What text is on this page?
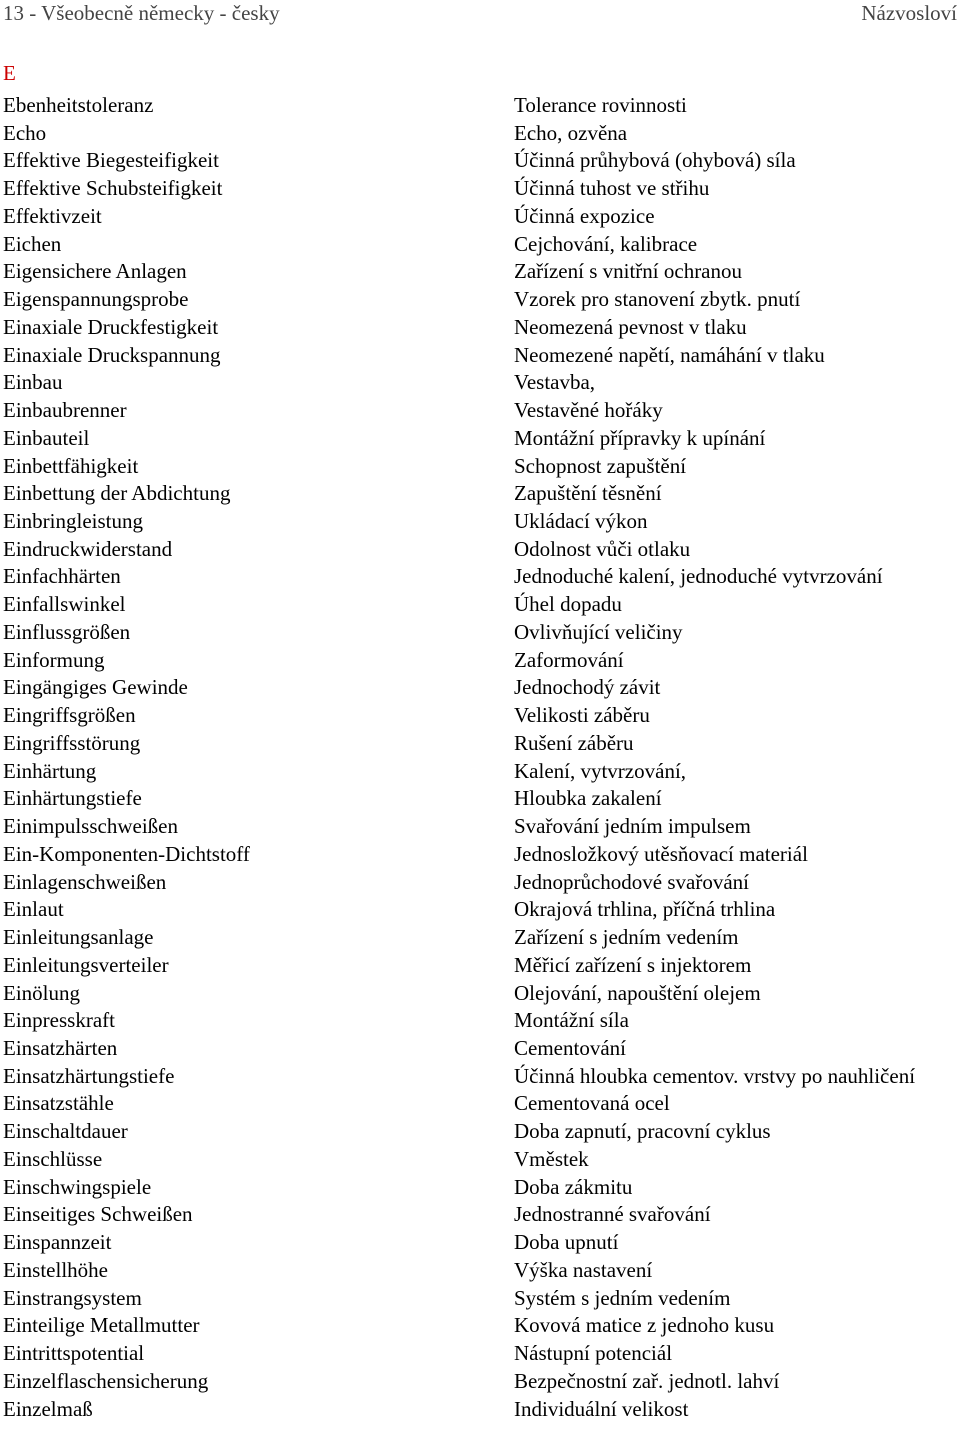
13 - Všeobecně německy - česky	Názvosloví
E
Ebenheitstoleranz	Tolerance rovinnosti
Echo	Echo, ozvěna
Effektive Biegesteifigkeit	Účinná průhybová (ohybová) síla
Effektive Schubsteifigkeit	Účinná tuhost ve střihu
Effektivzeit	Účinná expozice
Eichen	Cejchování, kalibrace
Eigensichere Anlagen	Zařízení s vnitřní ochranou
Eigenspannungsprobe	Vzorek pro stanovení zbytk. pnutí
Einaxiale Druckfestigkeit	Neomezená pevnost v tlaku
Einaxiale Druckspannung	Neomezené napětí, namáhání v tlaku
Einbau	Vestavba,
Einbaubrenner	Vestavěné hořáky
Einbauteil	Montážní přípravky k upínání
Einbettfähigkeit	Schopnost zapuštění
Einbettung der Abdichtung	Zapuštění těsnění
Einbringleistung	Ukládací výkon
Eindruckwiderstand	Odolnost vůči otlaku
Einfachhärten	Jednoduché kalení, jednoduché vytvrzování
Einfallswinkel	Úhel dopadu
Einflussgrößen	Ovlivňující veličiny
Einformung	Zaformování
Eingängiges Gewinde	Jednochodý závit
Eingriffsgrößen	Velikosti záběru
Eingriffsstörung	Rušení záběru
Einhärtung	Kalení, vytvrzování,
Einhärtungstiefe	Hloubka zakalení
Einimpulsschweißen	Svařování jedním impulsem
Ein-Komponenten-Dichtstoff	Jednosložkový utěsňovací materiál
Einlagenschweißen	Jednoprůchodové svařování
Einlaut	Okrajová trhlina, příčná trhlina
Einleitungsanlage	Zařízení s jedním vedením
Einleitungsverteiler	Měřicí zařízení s injektorem
Einölung	Olejování, napouštění olejem
Einpresskraft	Montážní síla
Einsatzhärten	Cementování
Einsatzhärtungstiefe	Účinná hloubka cementov. vrstvy po nauhličení
Einsatzstähle	Cementovaná ocel
Einschaltdauer	Doba zapnutí, pracovní cyklus
Einschlüsse	Vměstek
Einschwingspiele	Doba zákmitu
Einseitiges Schweißen	Jednostranné svařování
Einspannzeit	Doba upnutí
Einstellhöhe	Výška nastavení
Einstrangsystem	Systém s jedním vedením
Einteilige Metallmutter	Kovová matice z jednoho kusu
Eintrittspotential	Nástupní potenciál
Einzelflaschensicherung	Bezpečnostní zař. jednotl. lahví
Einzelmaß	Individuální velikost
